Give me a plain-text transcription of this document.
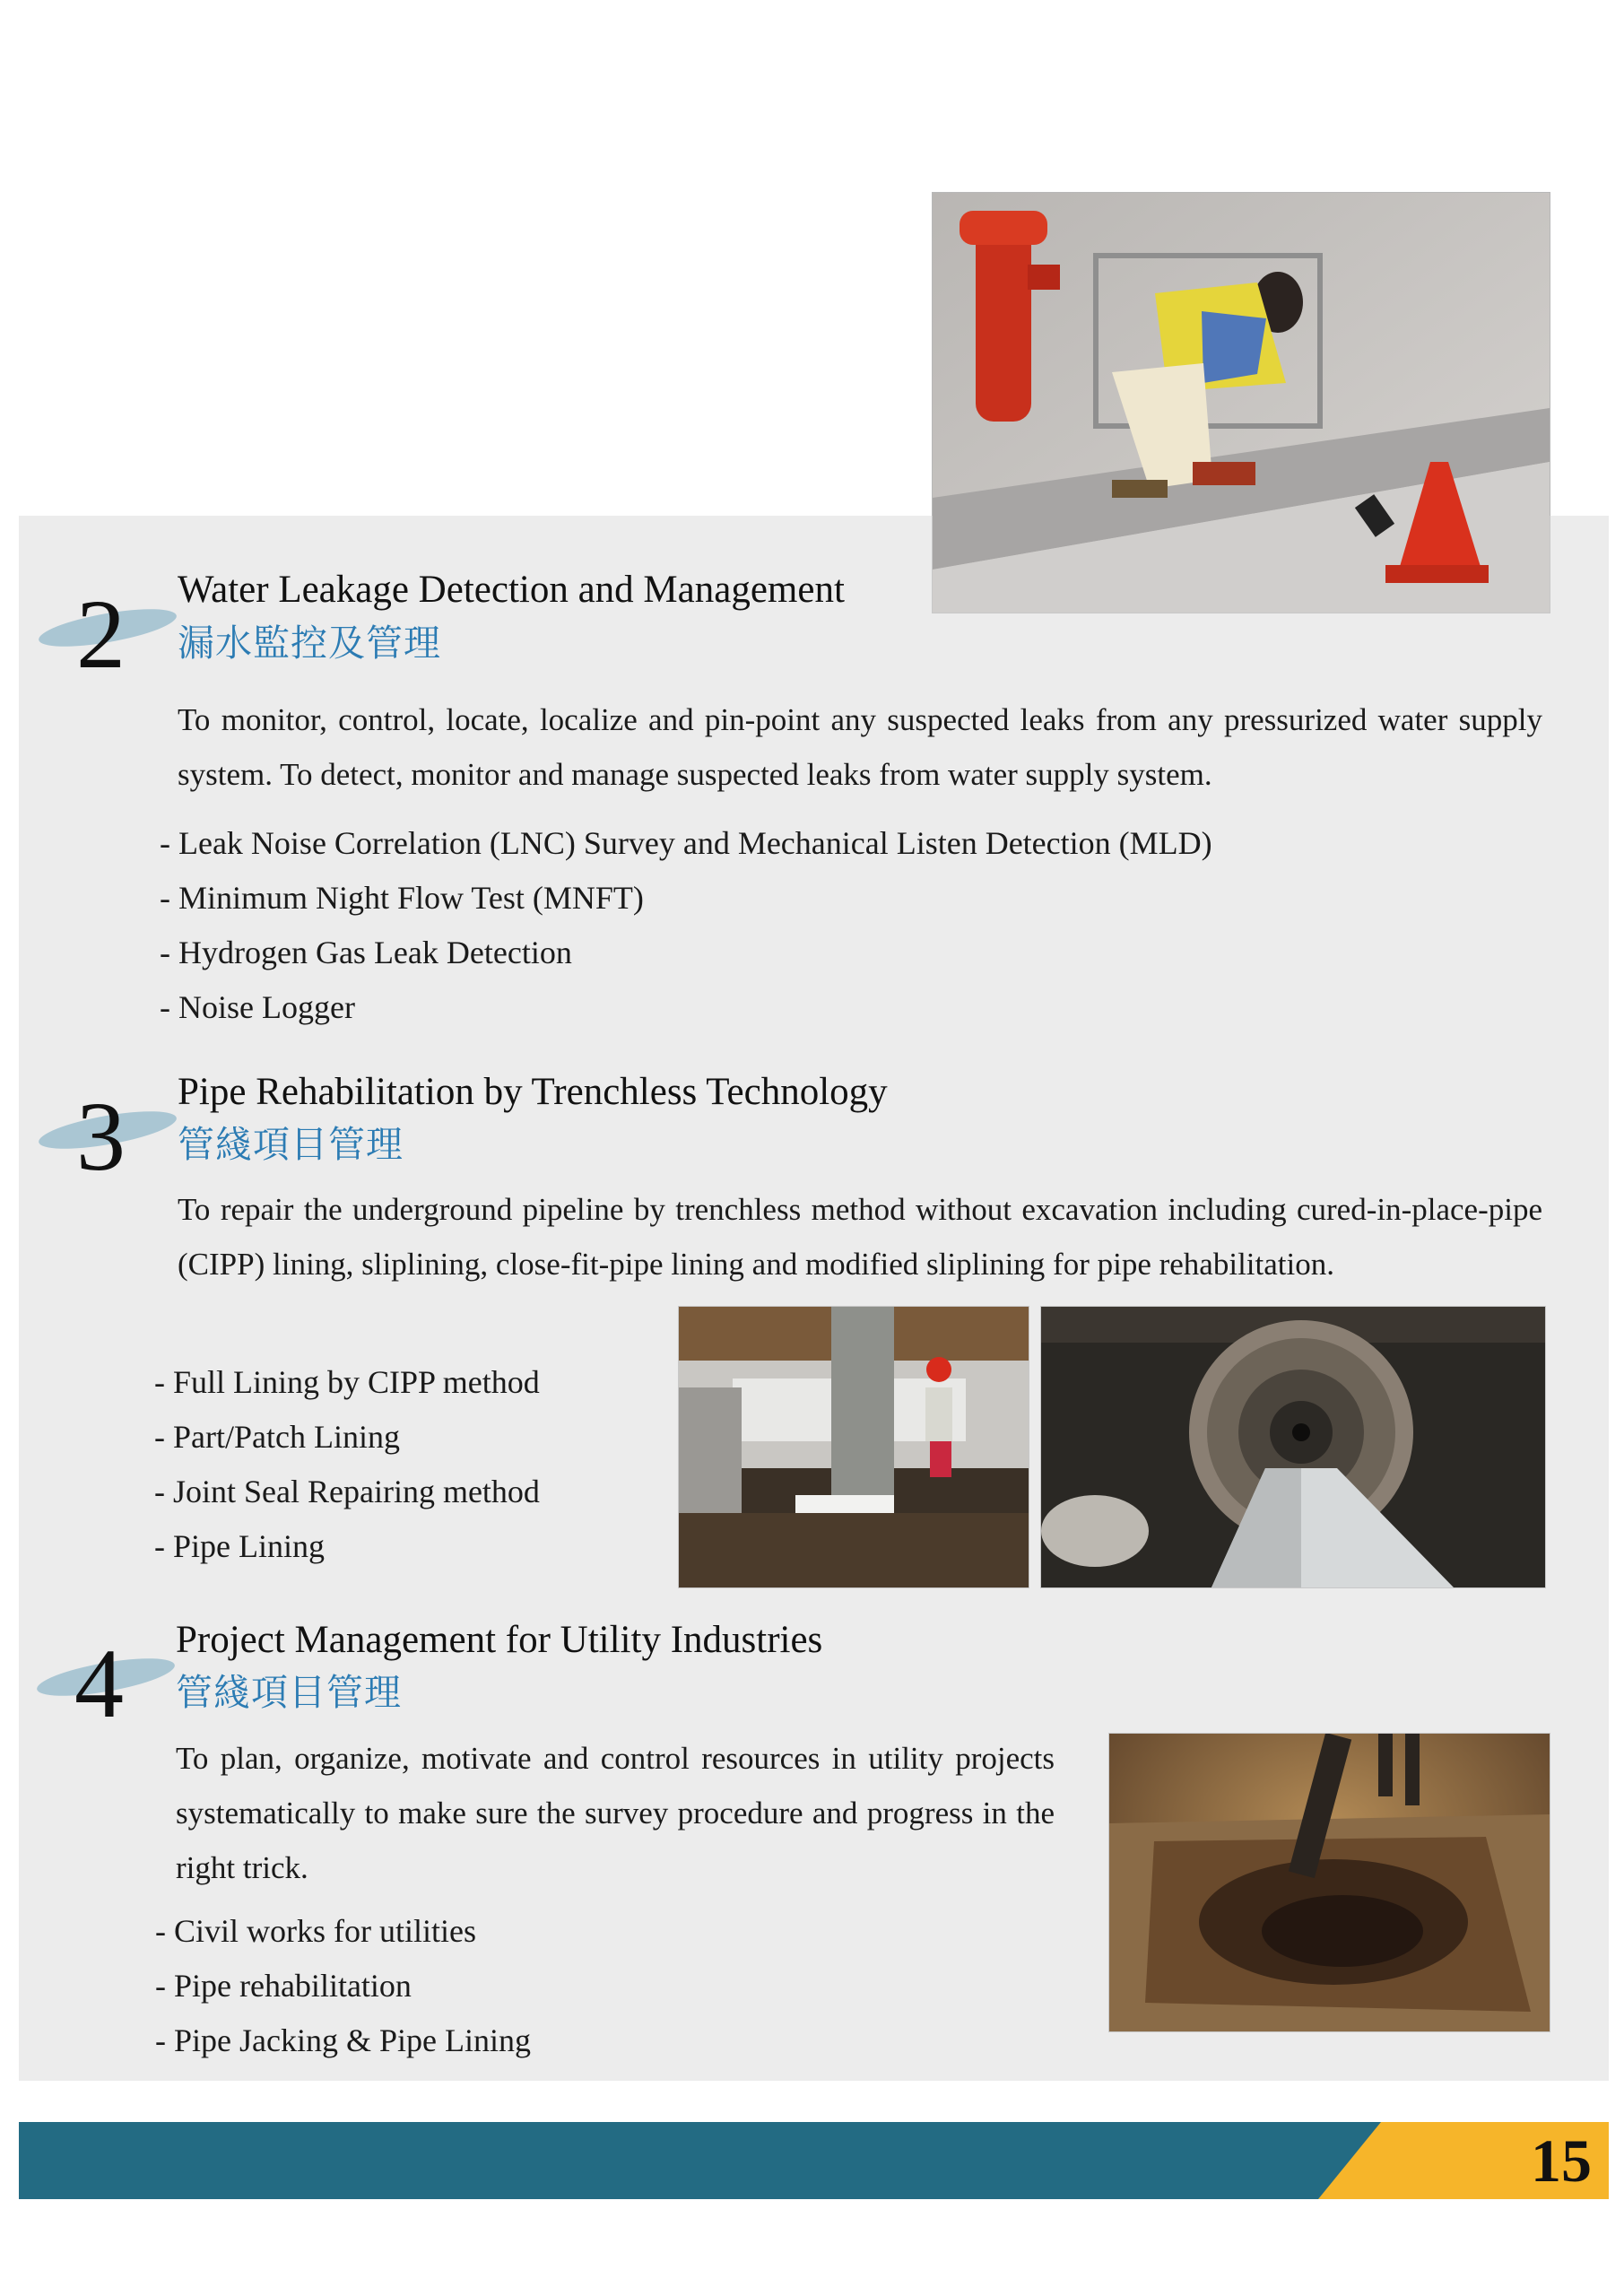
2 Water Leakage Detection and Management
漏水監控及管理

To monitor, control, locate, localize and pin-point any suspected leaks from any pressurized water supply system. To detect, monitor and manage suspected leaks from water supply system.

- Leak Noise Correlation (LNC) Survey and Mechanical Listen Detection (MLD)
- Minimum Night Flow Test (MNFT)
- Hydrogen Gas Leak Detection
- Noise Logger
3 Pipe Rehabilitation by Trenchless Technology
管綫項目管理

To repair the underground pipeline by trenchless method without excavation including cured-in-place-pipe (CIPP) lining, sliplining, close-fit-pipe lining and modified sliplining for pipe rehabilitation.

- Full Lining by CIPP method
- Part/Patch Lining
- Joint Seal Repairing method
- Pipe Lining
4 Project Management for Utility Industries
管綫項目管理

To plan, organize, motivate and control resources in utility projects systematically to make sure the survey procedure and progress in the right trick.

- Civil works for utilities
- Pipe rehabilitation
- Pipe Jacking & Pipe Lining
15
